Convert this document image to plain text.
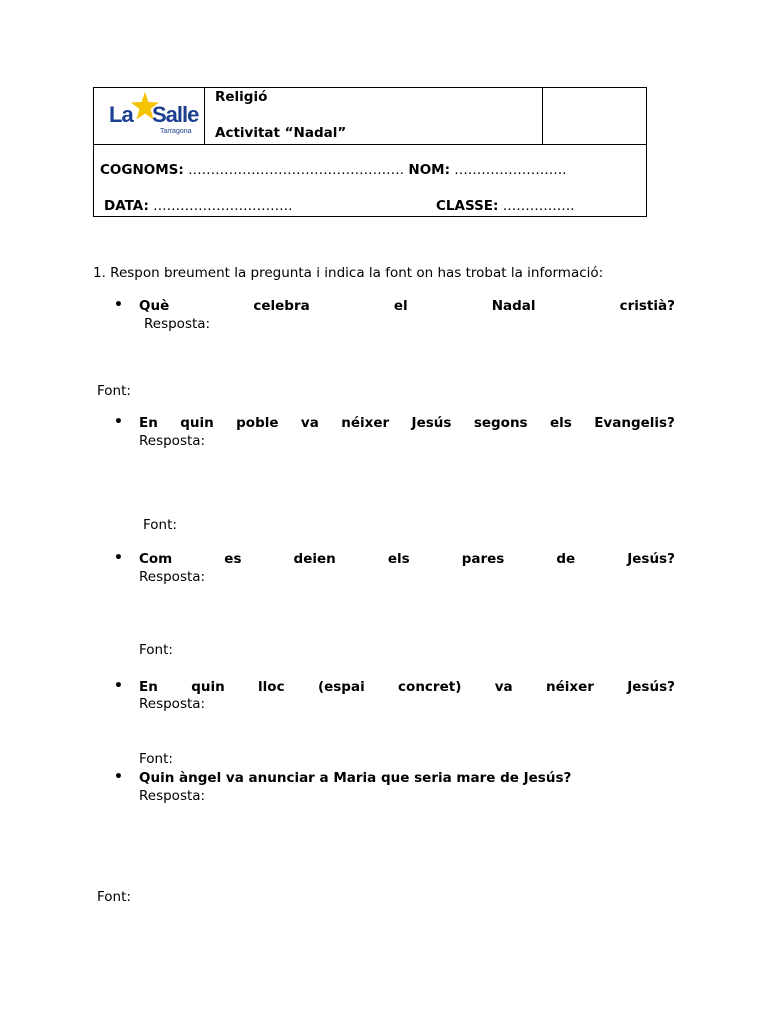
La Salle
Tarragona
Religió
Activitat “Nadal”
COGNOMS: ………………………………………… NOM: …………………….
DATA: ………………………….	CLASSE: …………….
1. Respon breument la pregunta i indica la font on has trobat la informació:
• Què	celebra	el	Nadal	cristià?
Resposta:
Font:
• En quin poble va néixer Jesús segons els Evangelis?
Resposta:
Font:
• Com	es	deien	els	pares	de	Jesús?
Resposta:
Font:
• En quin lloc (espai concret) va néixer Jesús?
Resposta:
Font:
• Quin àngel va anunciar a Maria que seria mare de Jesús?
Resposta:
Font:
